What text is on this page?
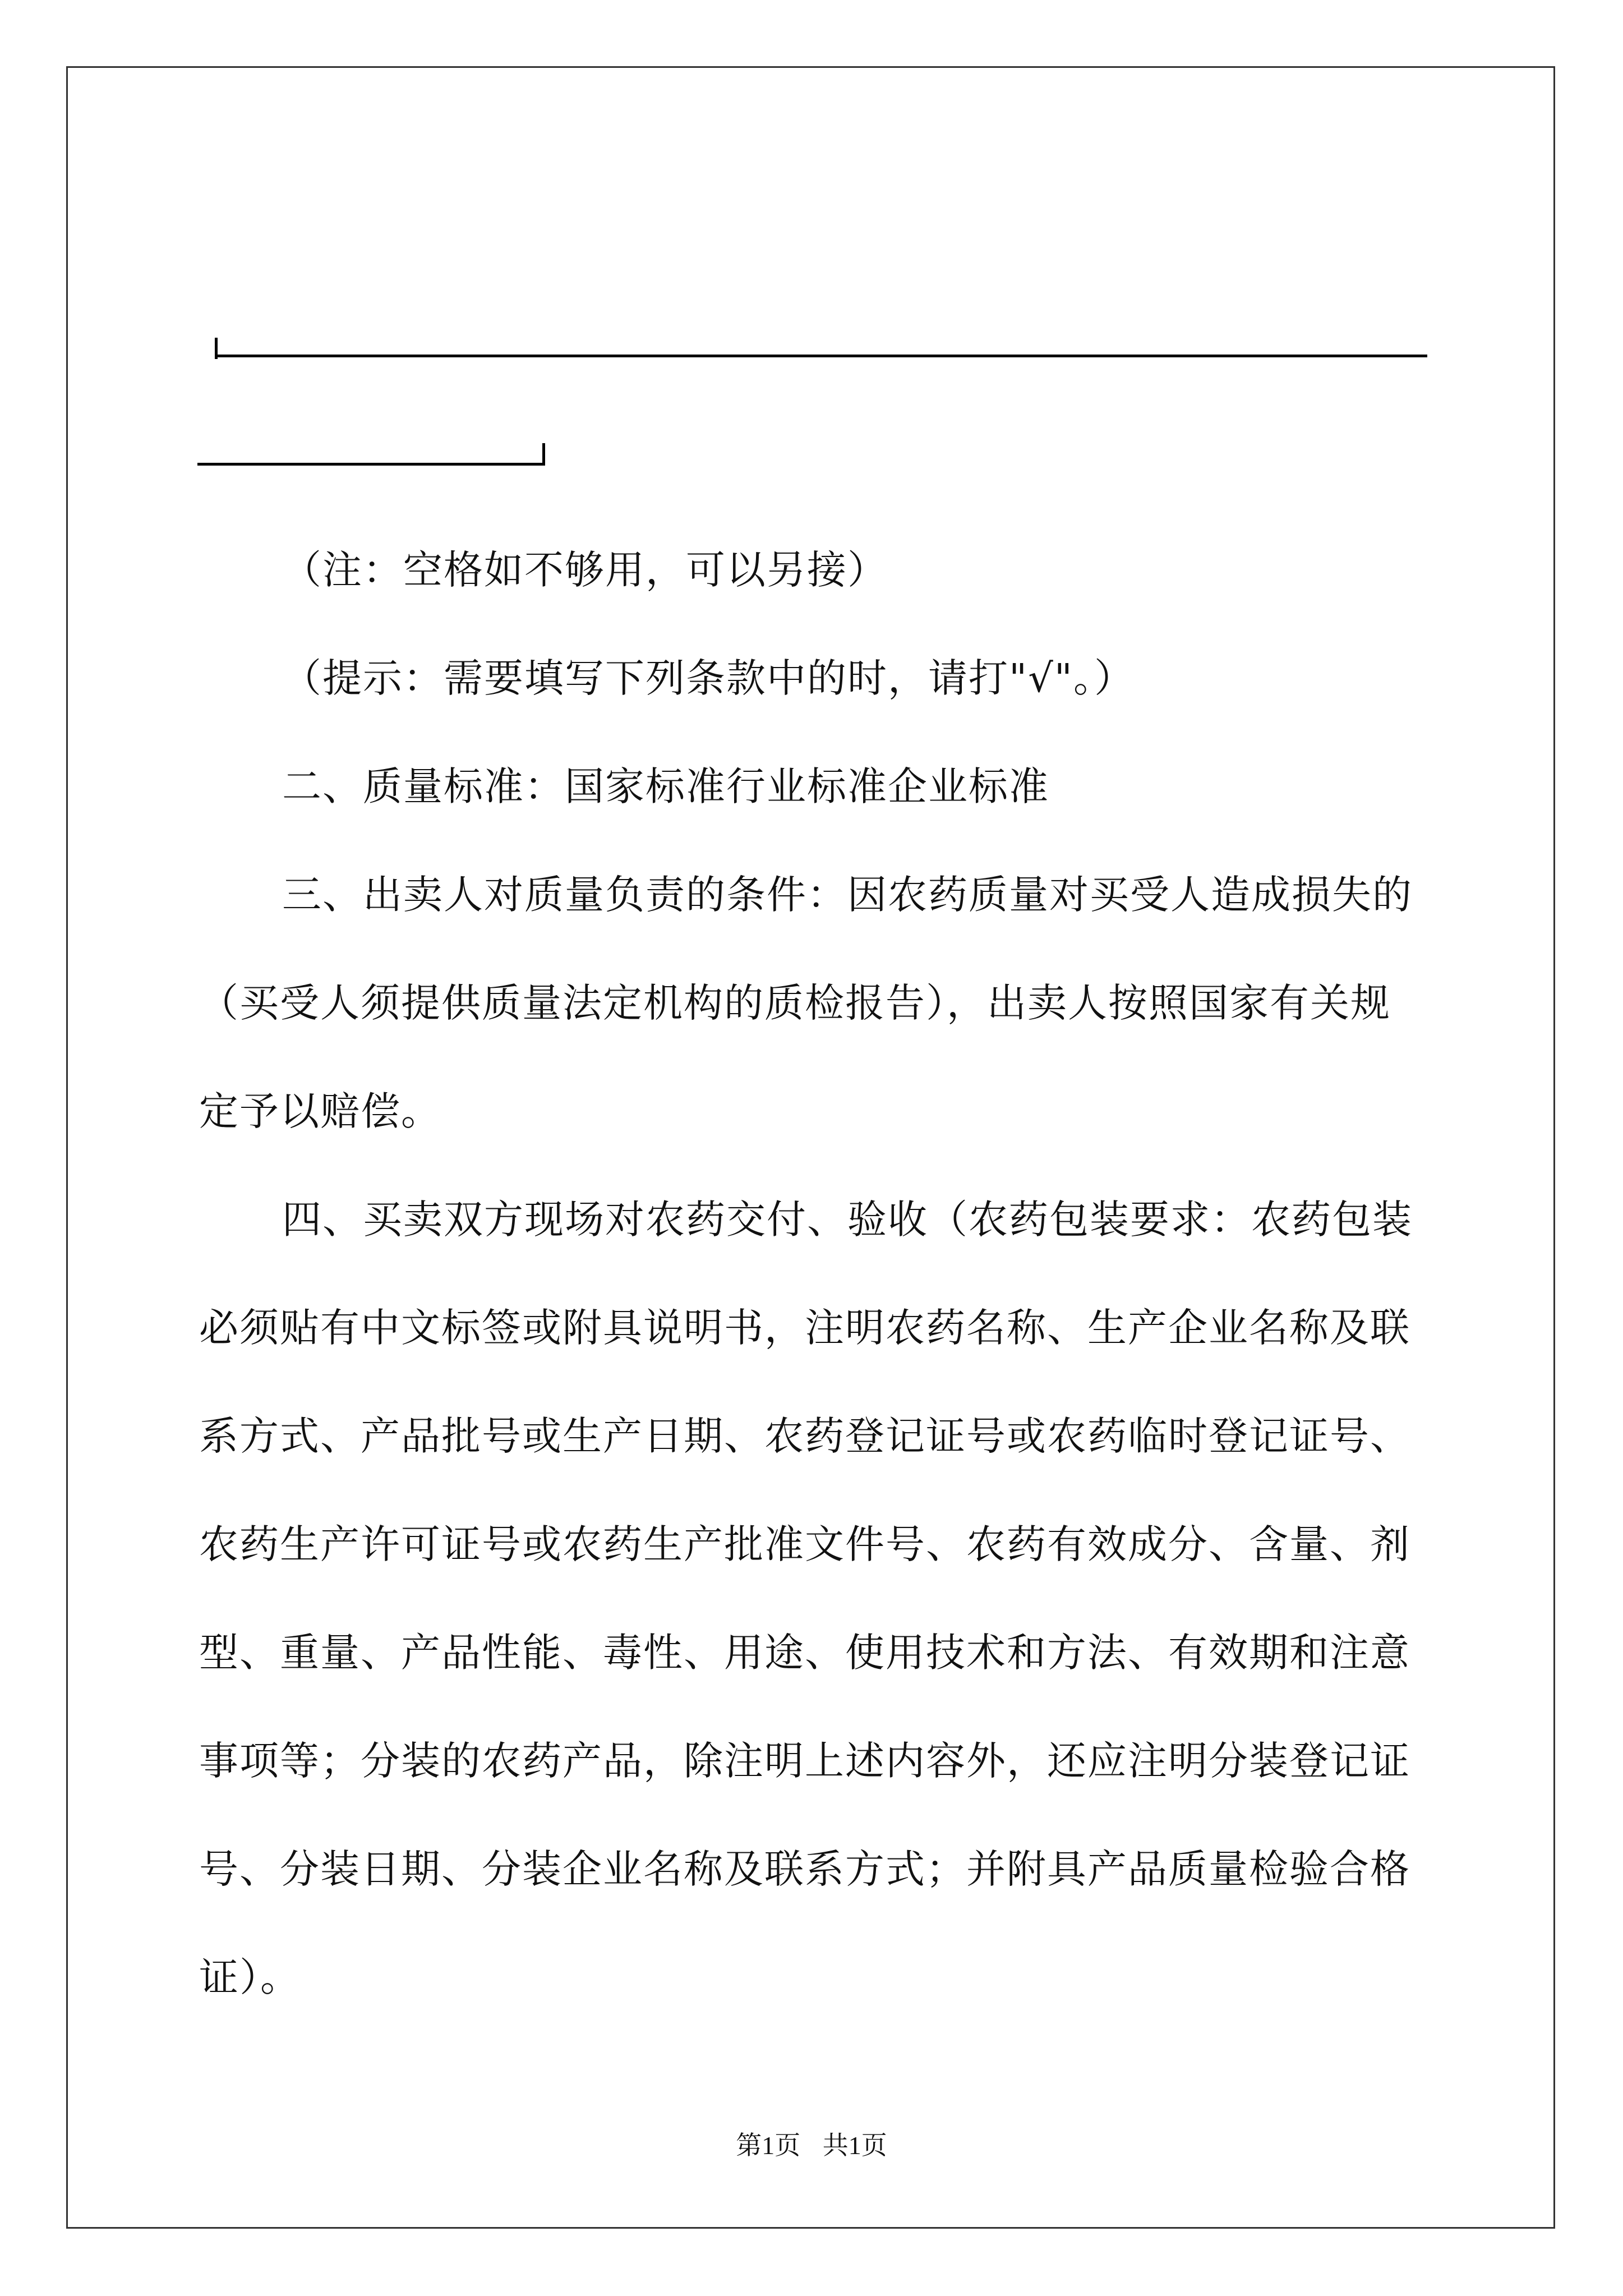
（注：空格如不够用，可以另接）

（提示：需要填写下列条款中的时，请打"√"。）

二、质量标准：国家标准行业标准企业标准

三、出卖人对质量负责的条件：因农药质量对买受人造成损失的（买受人须提供质量法定机构的质检报告），出卖人按照国家有关规定予以赔偿。

四、买卖双方现场对农药交付、验收（农药包装要求：农药包装必须贴有中文标签或附具说明书，注明农药名称、生产企业名称及联系方式、产品批号或生产日期、农药登记证号或农药临时登记证号、农药生产许可证号或农药生产批准文件号、农药有效成分、含量、剂型、重量、产品性能、毒性、用途、使用技术和方法、有效期和注意事项等；分装的农药产品，除注明上述内容外，还应注明分装登记证号、分装日期、分装企业名称及联系方式；并附具产品质量检验合格证）。

第1页 共1页
